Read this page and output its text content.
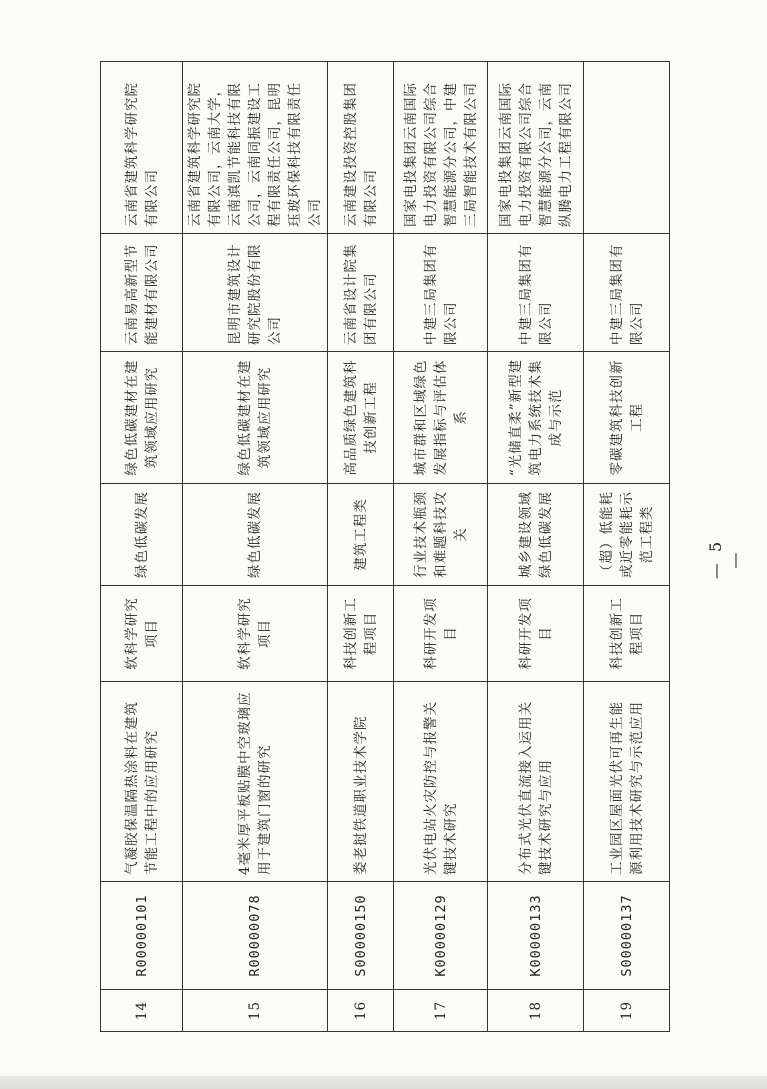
14	R00000101	气凝胶保温隔热涂料在建筑节能工程中的应用研究	软科学研究项目	绿色低碳发展	绿色低碳建材在建筑领域应用研究	云南易高新型节能建材有限公司	云南省建筑科学研究院有限公司
15	R00000078	4毫米厚平板贴膜中空玻璃应用于建筑门窗的研究	软科学研究项目	绿色低碳发展	绿色低碳建材在建筑领域应用研究	昆明市建筑设计研究院股份有限公司	云南省建筑科学研究院有限公司，云南大学，云南滇凯节能科技有限公司，云南同振建设工程有限责任公司，昆明珏玻环保科技有限责任公司
16	S00000150	娄老挝铁道职业技术学院	科技创新工程项目	建筑工程类	高品质绿色建筑科技创新工程	云南省设计院集团有限公司	云南建设投资控股集团有限公司
17	K00000129	光伏电站火灾防控与报警关键技术研究	科研开发项目	行业技术瓶颈和难题科技攻关	城市群和区域绿色发展指标与评估体系	中建三局集团有限公司	国家电投集团云南国际电力投资有限公司综合智慧能源分公司，中建三局智能技术有限公司
18	K00000133	分布式光伏直流接入运用关键技术研究与应用	科研开发项目	城乡建设领域绿色低碳发展	“光储直柔”新型建筑电力系统技术集成与示范	中建三局集团有限公司	国家电投集团云南国际电力投资有限公司综合智慧能源分公司，云南纵腾电力工程有限公司
19	S00000137	工业园区屋面光伏可再生能源利用技术研究与示范应用	科技创新工程项目	（超）低能耗或近零能耗示范工程类	零碳建筑科技创新工程	中建三局集团有限公司	
— 5 —
